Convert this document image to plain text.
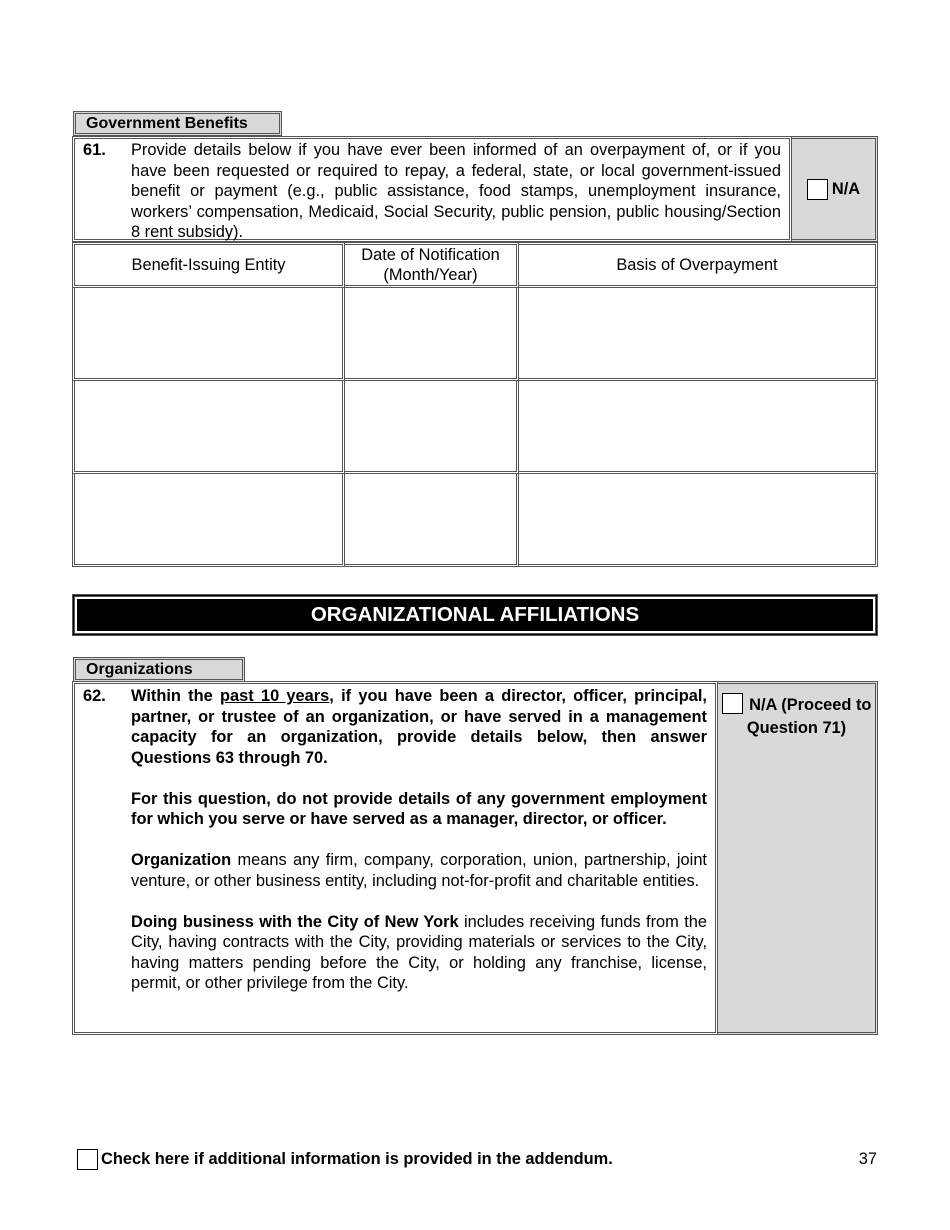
Government Benefits
61.	Provide details below if you have ever been informed of an overpayment of, or if you have been requested or required to repay, a federal, state, or local government-issued benefit or payment (e.g., public assistance, food stamps, unemployment insurance, workers’ compensation, Medicaid, Social Security, public pension, public housing/Section 8 rent subsidy).
N/A
Benefit-Issuing Entity	Date of Notification (Month/Year)	Basis of Overpayment

ORGANIZATIONAL AFFILIATIONS
Organizations
62.	Within the past 10 years, if you have been a director, officer, principal, partner, or trustee of an organization, or have served in a management capacity for an organization, provide details below, then answer Questions 63 through 70.

For this question, do not provide details of any government employment for which you serve or have served as a manager, director, or officer.

Organization means any firm, company, corporation, union, partnership, joint venture, or other business entity, including not-for-profit and charitable entities.

Doing business with the City of New York includes receiving funds from the City, having contracts with the City, providing materials or services to the City, having matters pending before the City, or holding any franchise, license, permit, or other privilege from the City.

N/A (Proceed to Question 71)
Check here if additional information is provided in the addendum.	37
